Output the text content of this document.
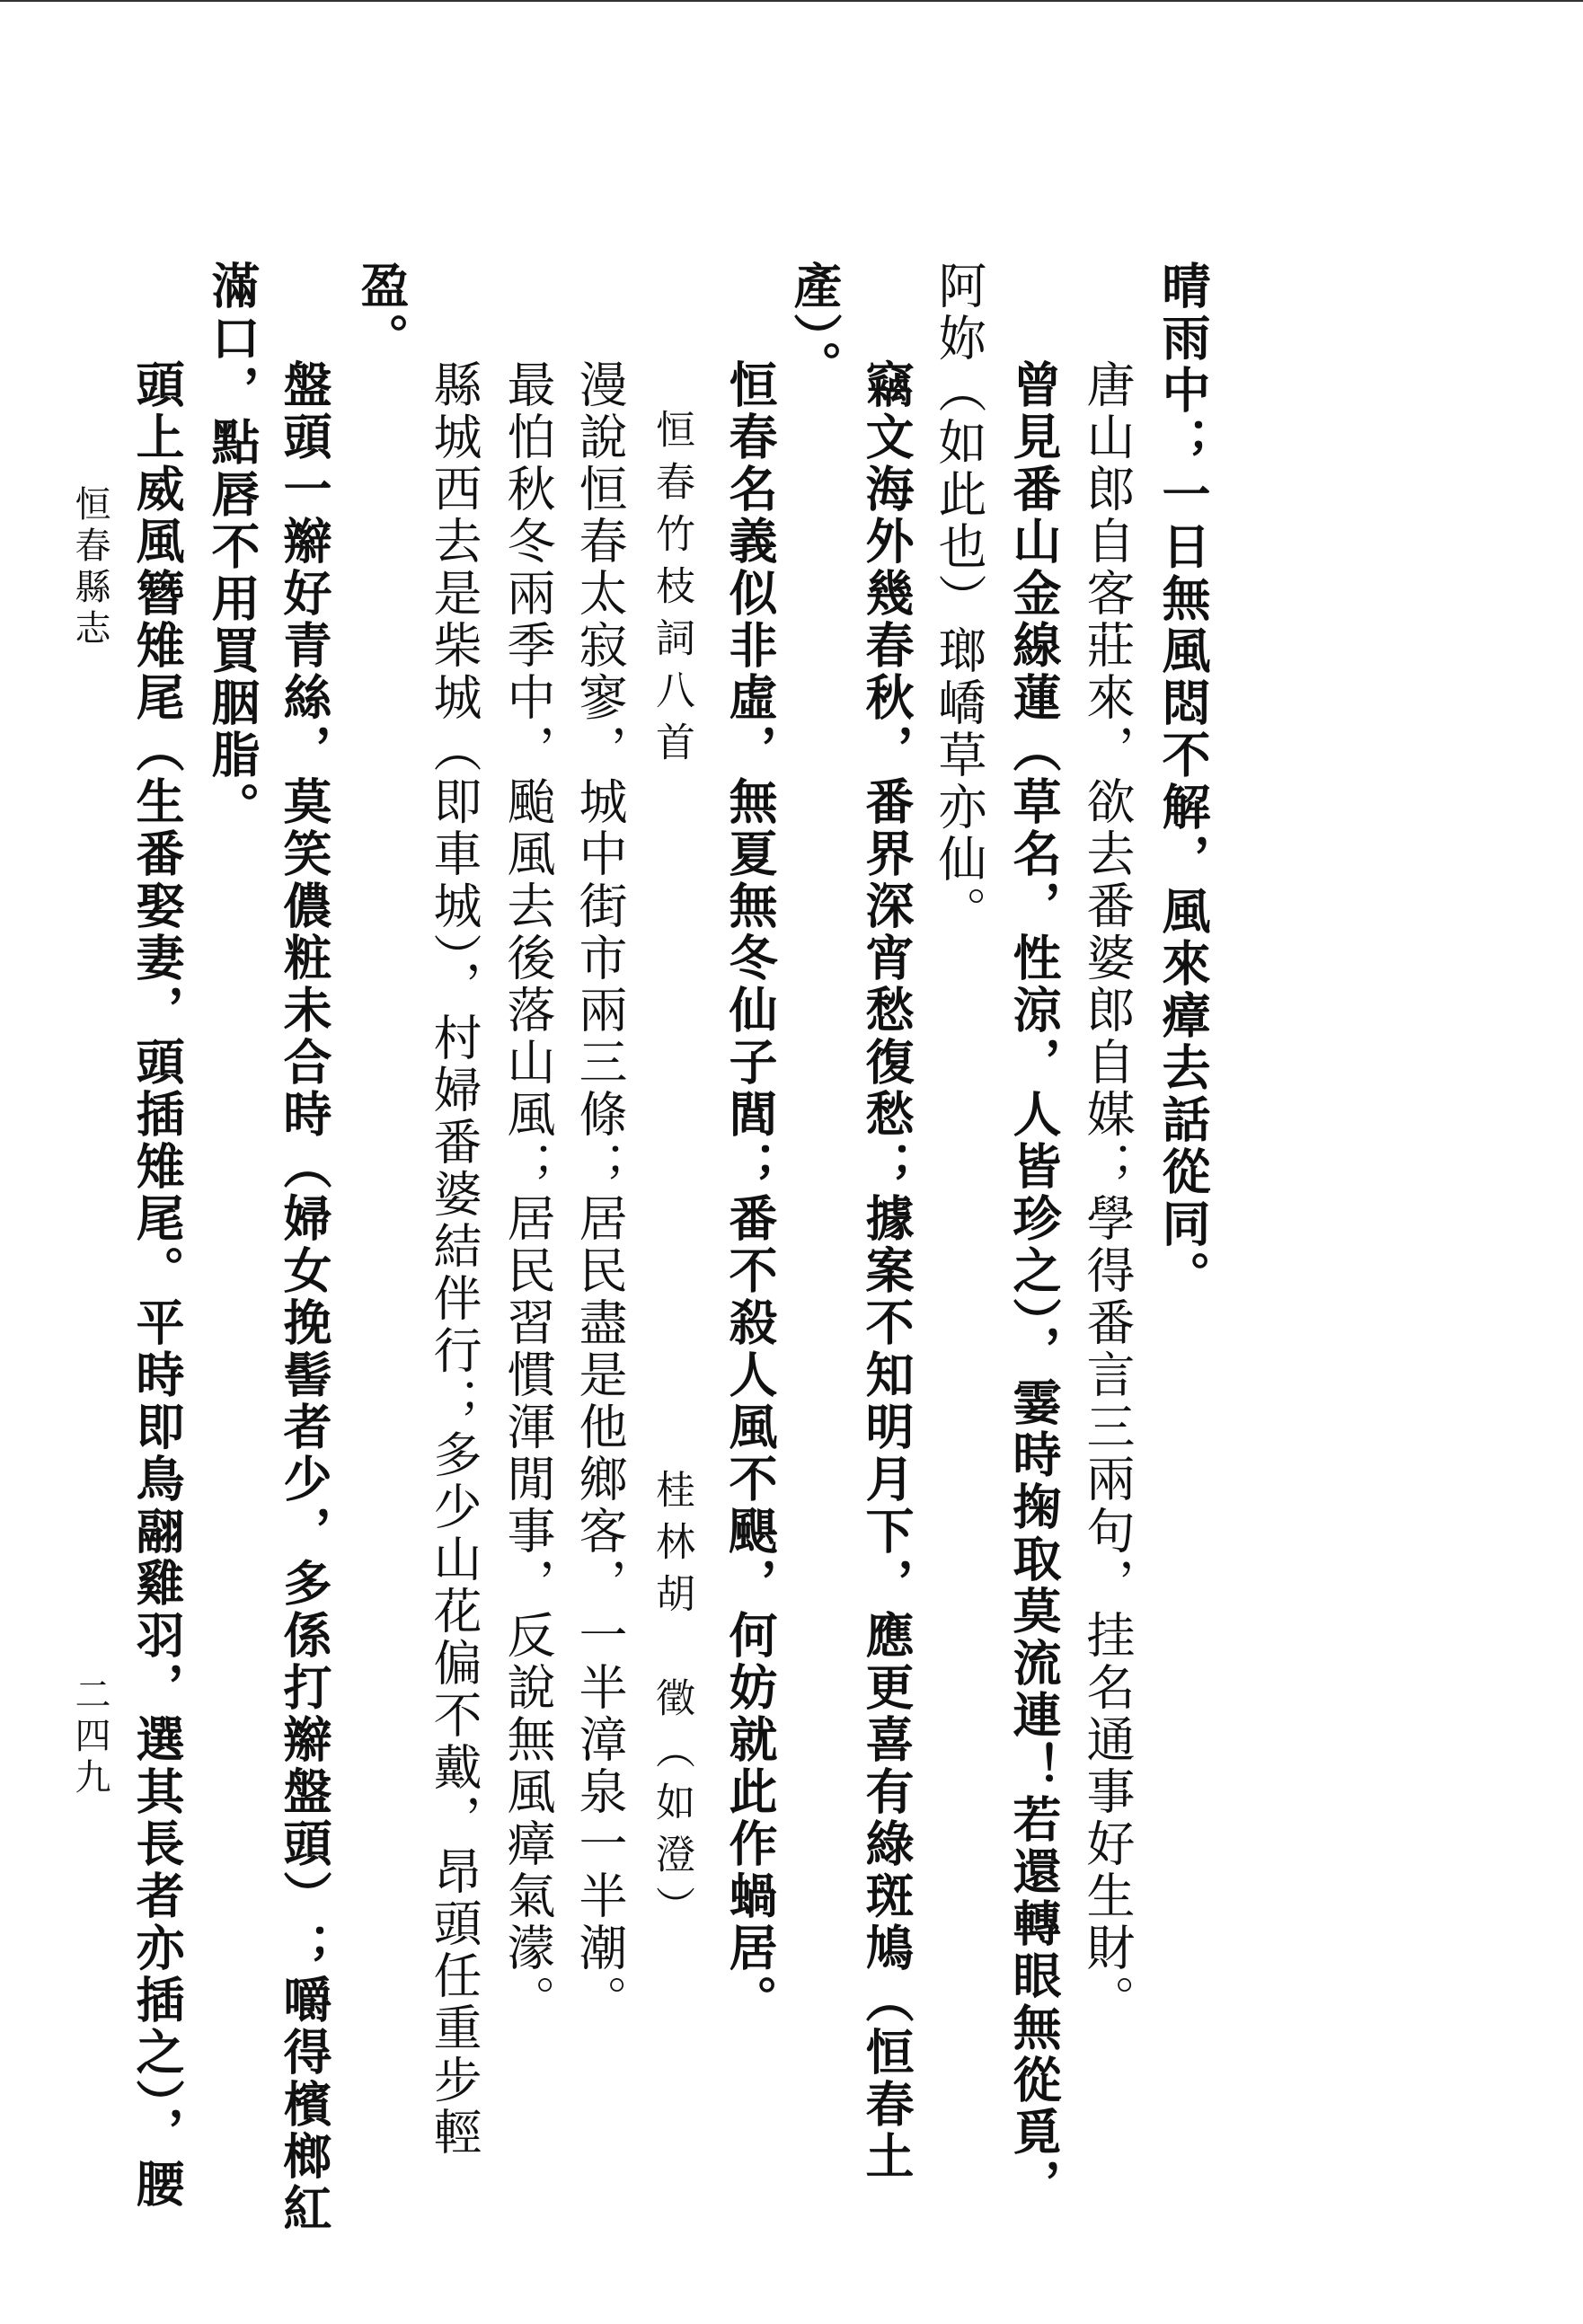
晴雨中；一日無風悶不解，風來瘴去話從同。
唐山郎自客莊來，欲去番婆郎自媒；學得番言三兩句，挂名通事好生財。
曾見番山金線蓮（草名，性涼，人皆珍之），霎時掬取莫流連！若還轉眼無從覓，
阿妳（如此也）瑯嶠草亦仙。
竊文海外幾春秋，番界深宵愁復愁；據案不知明月下，應更喜有綠斑鳩（恒春土
產）。
恒春名義似非虛，無夏無冬仙子閭；番不殺人風不颶，何妨就此作蝸居。
恒春竹枝詞八首
桂林胡　徵（如澄）
漫說恒春太寂寥，城中街市兩三條；居民盡是他鄉客，一半漳泉一半潮。
最怕秋冬兩季中，颱風去後落山風；居民習慣渾閒事，反說無風瘴氣濛。
縣城西去是柴城（即車城），村婦番婆結伴行；多少山花偏不戴，昂頭任重步輕
盈。
盤頭一辮好青絲，莫笑儂粧未合時（婦女挽髻者少，多係打辮盤頭）；嚼得檳榔紅
滿口，點唇不用買胭脂。
頭上威風簪雉尾（生番娶妻，頭插雉尾。平時即鳥翮雞羽，選其長者亦插之），腰
恒春縣志
二四九
